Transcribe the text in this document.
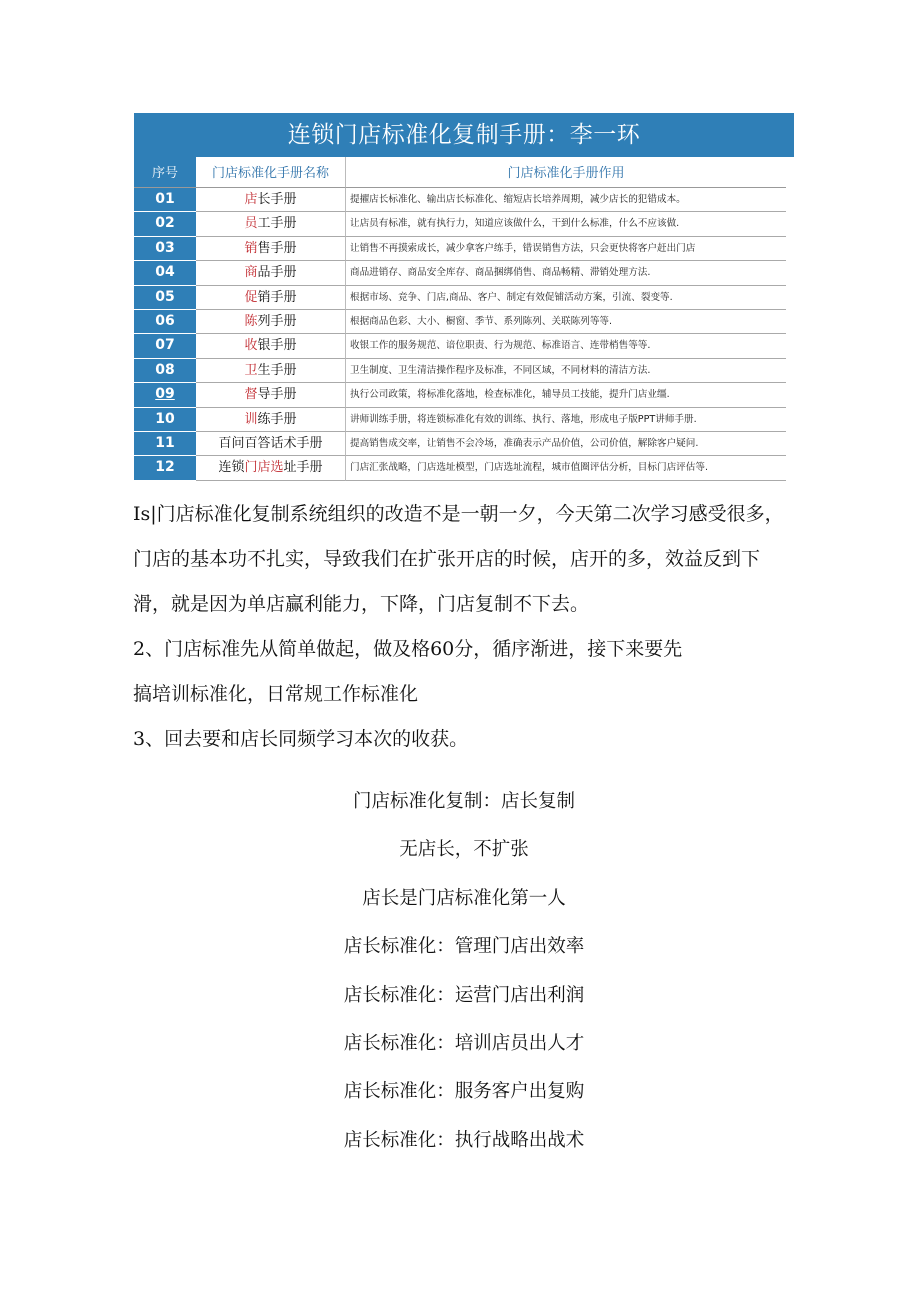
连锁门店标准化复制手册：李一环
序号	门店标准化手册名称	门店标准化手册作用
01	店长手册	提擢店长标准化、输出店长标准化、缩短店长培养周期，减少店长的犯错成本。
02	员工手册	让店员有标准，就有执行力，知道应该做什么，干到什么标准，什么不应该做.
03	销售手册	让销售不再摸索成长，减少拿客户练手，错误销售方法，只会更快将客户赶出门店
04	商品手册	商品进销存、商品安全库存、商品捆绑俏售、商品畅精、滞销处理方法.
05	促销手册	根据市场、竞争、门店,商品、客户、制定有效促铺活动方案，引流、裂变等.
06	陈列手册	根据商品色彩、大小、橱窗、季节、系列陈列、关联陈列等等.
07	收银手册	收银工作的服务规范、谙位职责、行为规范、标准语言、连带梢售等等.
08	卫生手册	卫生制度、卫生清洁操作程序及标准，不同区域，不同材料的清洁方法.
09	督导手册	执行公司政策，将标准化落地，检查标准化，辅导员工技能，提升门店业缰.
10	训练手册	讲师训练手册，将连锁标准化有效的训练、执行、落地，形成电子版PPT讲师手册.
11	百问百答话术手册	提高销售成交率，让销售不会冷场，准确表示产品价值，公司价值，解除客户疑问.
12	连锁门店选址手册	门店汇张战略，门店选址模型，门店选址流程，城市值圈评估分析，目标门店评估等.

Is|门店标准化复制系统组织的改造不是一朝一夕，今天第二次学习感受很多，

门店的基本功不扎实，导致我们在扩张开店的时候，店开的多，效益反到下

滑，就是因为单店赢利能力，下降，门店复制不下去。

2、门店标准先从简单做起，做及格60分，循序渐进，接下来要先

搞培训标准化，日常规工作标准化

3、回去要和店长同频学习本次的收获。

门店标准化复制：店长复制
无店长，不扩张
店长是门店标准化第一人
店长标准化：管理门店出效率
店长标准化：运营门店出利润
店长标准化：培训店员出人才
店长标准化：服务客户出复购
店长标准化：执行战略出战术
